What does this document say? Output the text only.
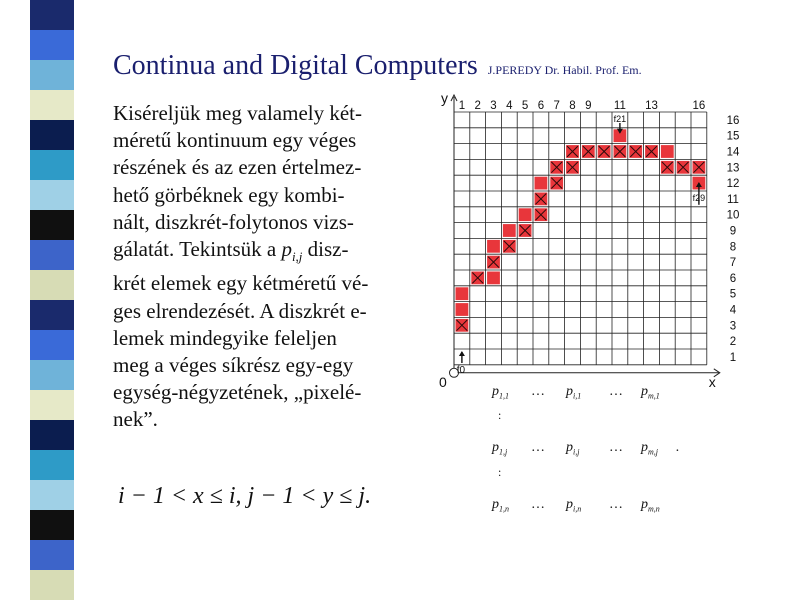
Continua and Digital Computers J.PEREDY Dr. Habil. Prof. Em.
Kiséreljük meg valamely két-
méretű kontinuum egy véges
részének és az ezen értelmez-
hető görbéknek egy kombi-
nált, diszkrét-folytonos vizs-
gálatát. Tekintsük a $p_{i,j}$ disz-
krét elemek egy kétméretű vé-
ges elrendezését. A diszkrét e-
lemek mindegyike feleljen
meg a véges síkrész egy-egy
egység-négyzetének, „pixelé-
nek”.
i − 1 < x ≤ i, j − 1 < y ≤ j.
y
x
0
1 2 3 4 5 6 7 8 9 11 13	16
16
15
14
13
12
11
10
9
8
7
6
5
4
3
2
1
f0
f21
f29
$p_{1,1}$ … $p_{i,1}$ … $p_{m,1}$
:
$p_{1,j}$ … $p_{i,j}$ … $p_{m,j}$ .
:
$p_{1,n}$ … $p_{i,n}$ … $p_{m,n}$
